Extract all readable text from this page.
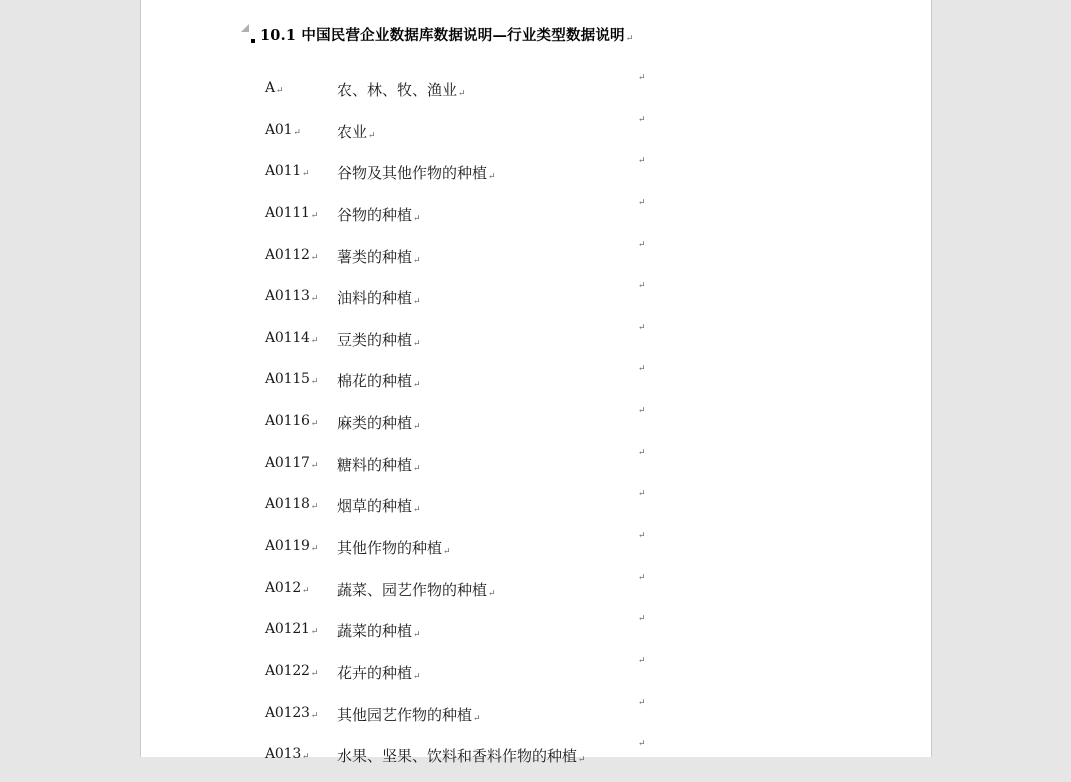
10.1 中国民营企业数据库数据说明—行业类型数据说明↵
A↵	农、林、牧、渔业↵
↵
A01↵ 农业↵
↵
A011↵ 谷物及其他作物的种植↵
↵
A0111↵ 谷物的种植↵
↵
A0112↵ 薯类的种植↵
↵
A0113↵ 油料的种植↵
↵
A0114↵ 豆类的种植↵
↵
A0115↵ 棉花的种植↵
↵
A0116↵ 麻类的种植↵
↵
A0117↵ 糖料的种植↵
↵
A0118↵ 烟草的种植↵
↵
A0119↵ 其他作物的种植↵
↵
A012↵ 蔬菜、园艺作物的种植↵
↵
A0121↵ 蔬菜的种植↵
↵
A0122↵ 花卉的种植↵
↵
A0123↵ 其他园艺作物的种植↵
↵
A013↵ 水果、坚果、饮料和香料作物的种植↵
↵
